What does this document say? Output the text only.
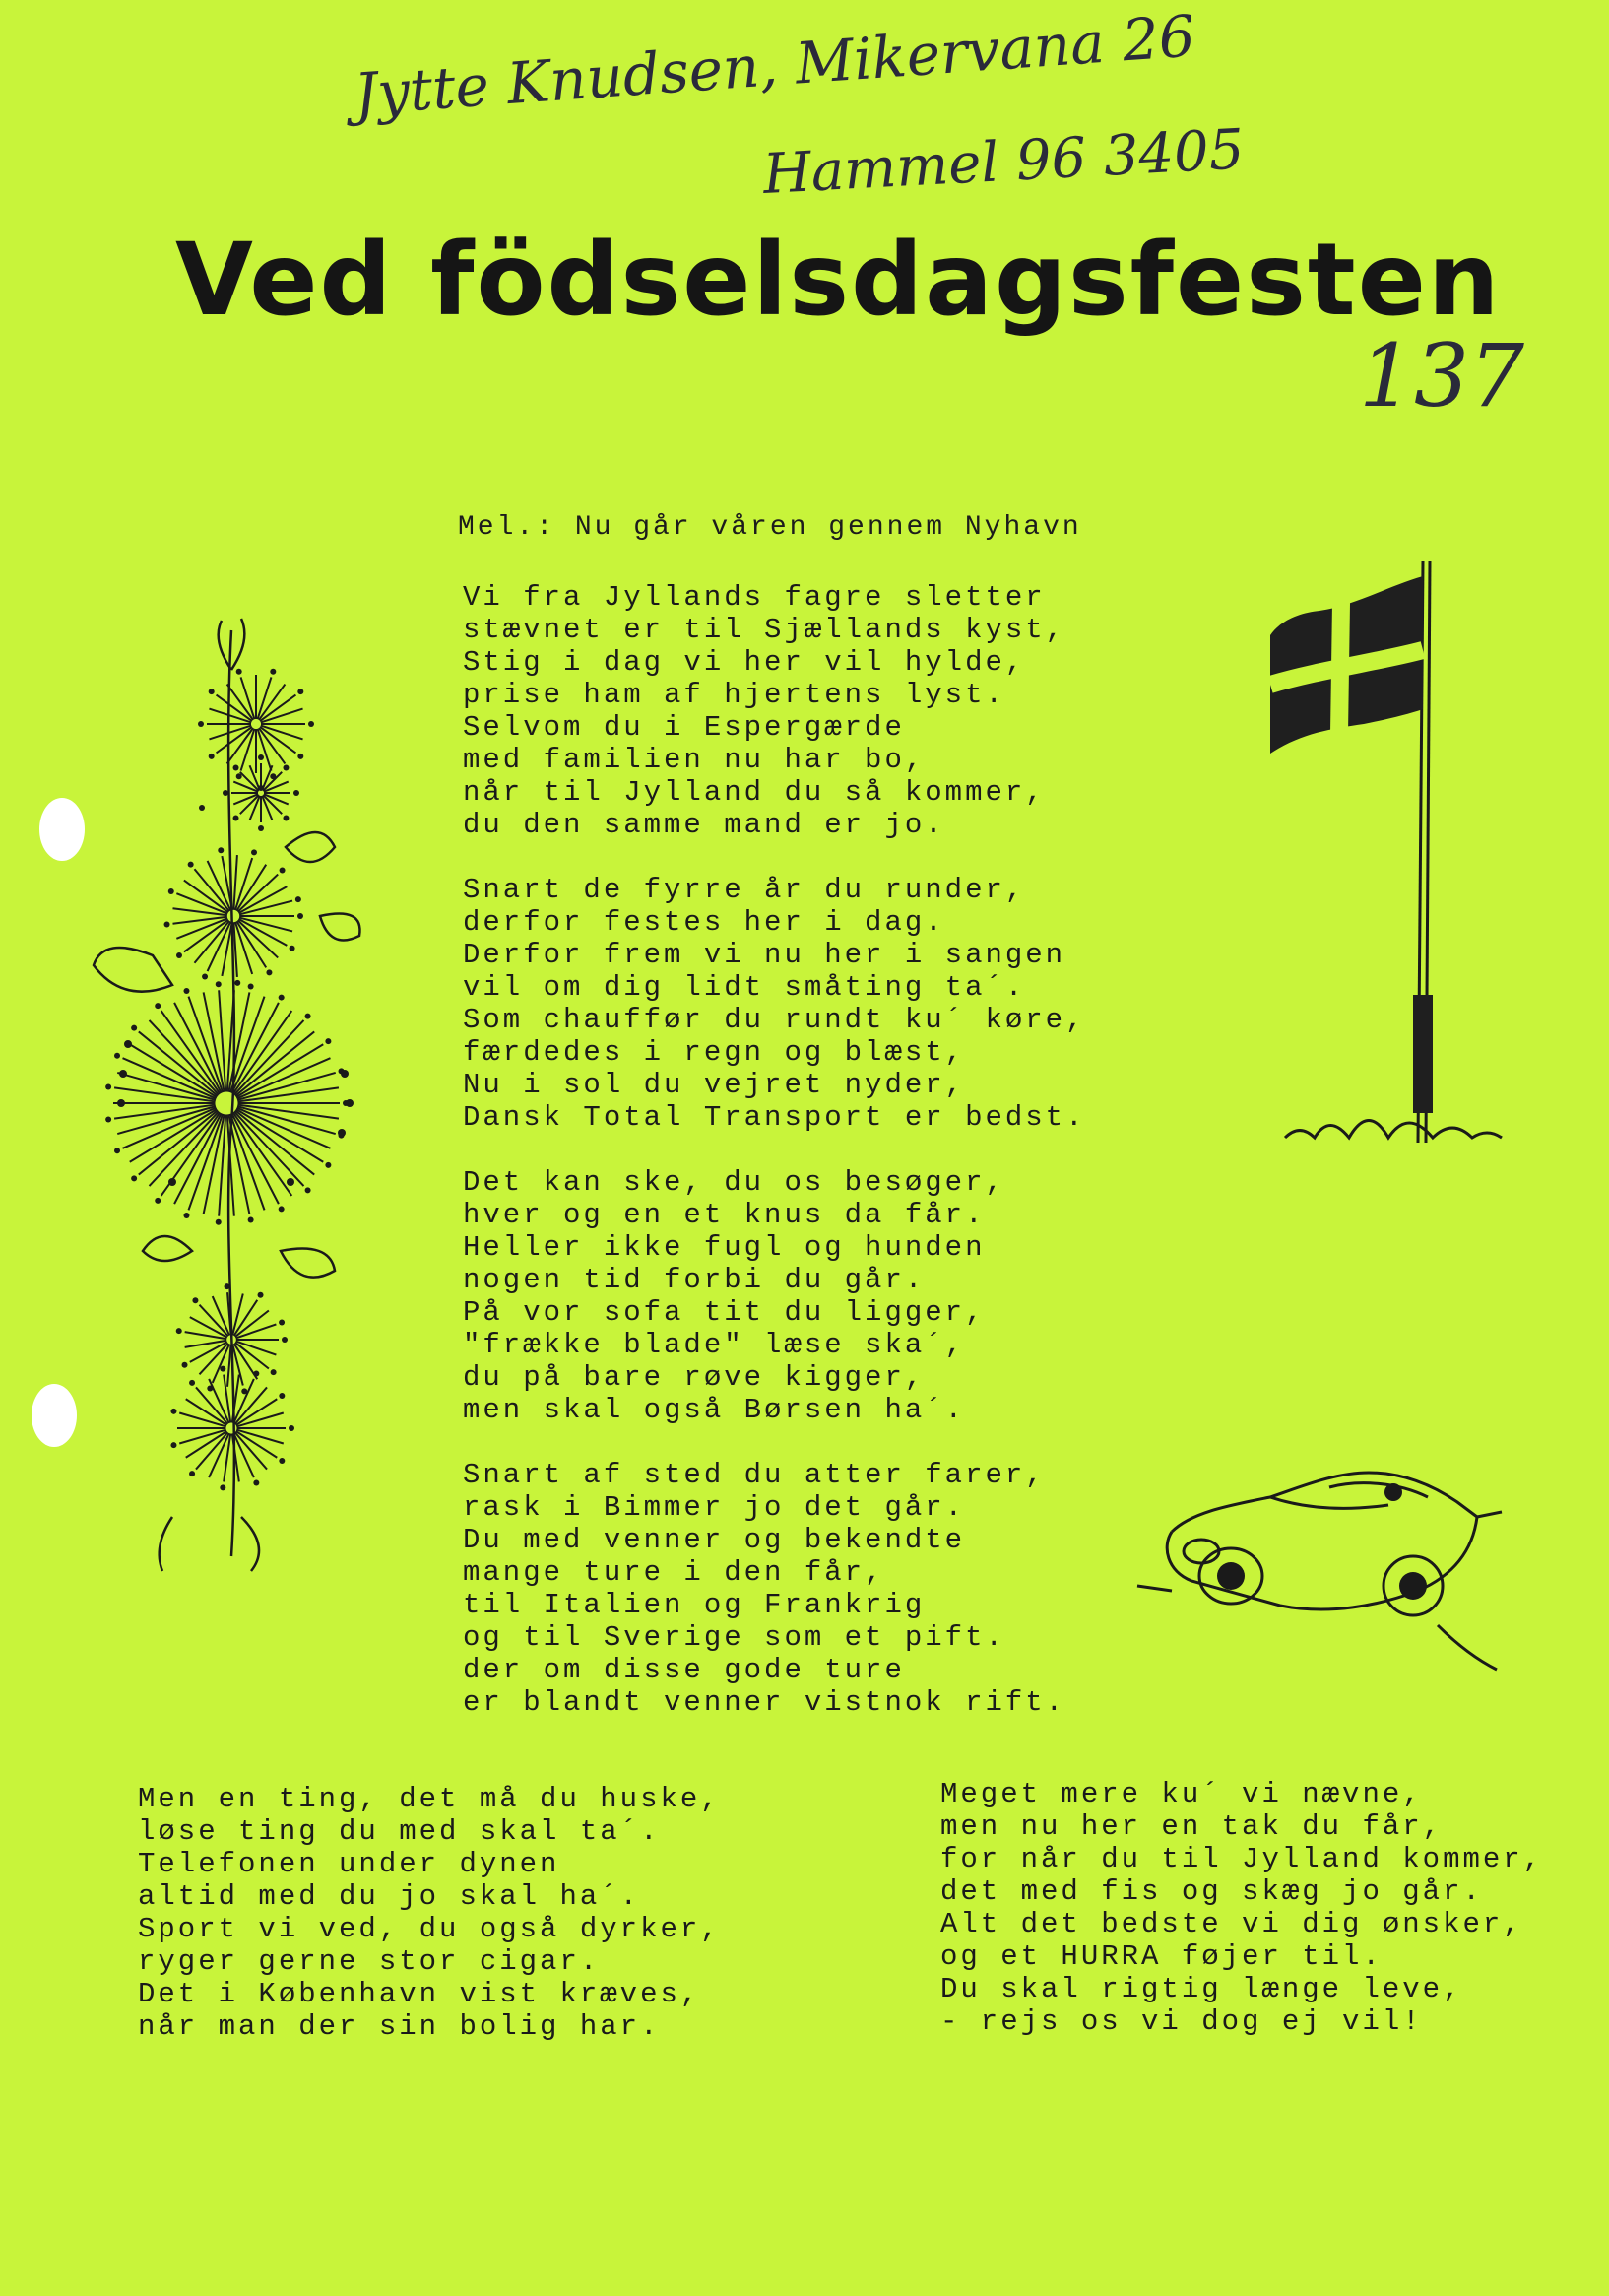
Jytte Knudsen, Mikervana 26
Hammel 96 3405
137
Ved födselsdagsfesten
Mel.: Nu går våren gennem Nyhavn

Vi fra Jyllands fagre sletter

stævnet er til Sjællands kyst,

Stig i dag vi her vil hylde,

prise ham af hjertens lyst.

Selvom du i Espergærde

med familien nu har bo,

når til Jylland du så kommer,

du den samme mand er jo.

Snart de fyrre år du runder,

derfor festes her i dag.

Derfor frem vi nu her i sangen

vil om dig lidt småting ta´.

Som chauffør du rundt ku´ køre,

færdedes i regn og blæst,

Nu i sol du vejret nyder,

Dansk Total Transport er bedst.

Det kan ske, du os besøger,

hver og en et knus da får.

Heller ikke fugl og hunden

nogen tid forbi du går.

På vor sofa tit du ligger,

"frække blade" læse ska´,

du på bare røve kigger,

men skal også Børsen ha´.

Snart af sted du atter farer,

rask i Bimmer jo det går.

Du med venner og bekendte

mange ture i den får,

til Italien og Frankrig

og til Sverige som et pift.

der om disse gode ture

er blandt venner vistnok rift.

Men en ting, det må du huske,

løse ting du med skal ta´.

Telefonen under dynen

altid med du jo skal ha´.

Sport vi ved, du også dyrker,

ryger gerne stor cigar.

Det i København vist kræves,

når man der sin bolig har.

Meget mere ku´ vi nævne,

men nu her en tak du får,

for når du til Jylland kommer,

det med fis og skæg jo går.

Alt det bedste vi dig ønsker,

og et HURRA føjer til.

Du skal rigtig længe leve,

- rejs os vi dog ej vil!
